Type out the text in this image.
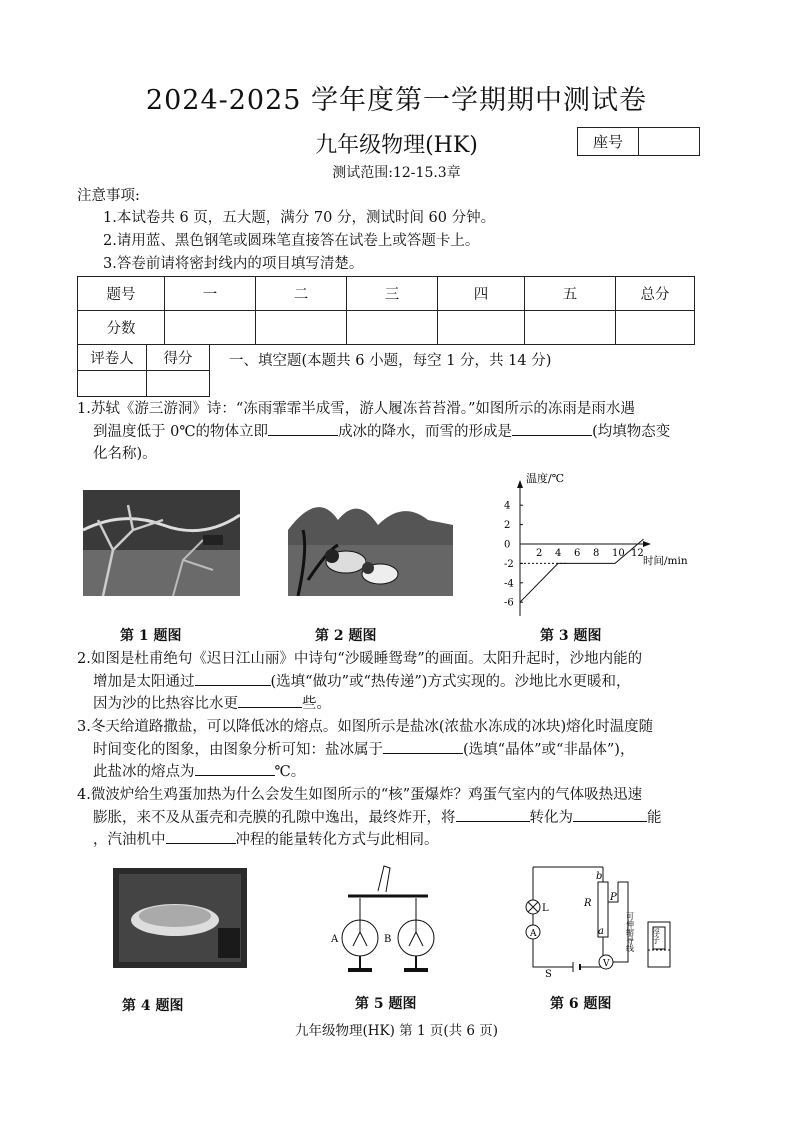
2024-2025 学年度第一学期期中测试卷
九年级物理(HK)	座号
测试范围:12-15.3章
注意事项:
1.本试卷共 6 页，五大题，满分 70 分，测试时间 60 分钟。
2.请用蓝、黑色钢笔或圆珠笔直接答在试卷上或答题卡上。
3.答卷前请将密封线内的项目填写清楚。
题号	一	二	三	四	五	总分
分数						
评卷人	得分
		一、填空题(本题共 6 小题，每空 1 分，共 14 分)
1.苏轼《游三游洞》诗：“冻雨霏霏半成雪，游人履冻苔苔滑。”如图所示的冻雨是雨水遇
到温度低于 0℃的物体立即	成冰的降水，而雪的形成是	(均填物态变
化名称)。
温度/℃
时间/min
4
2
0
-2
-4
-6
2 4 6 8 10 12
第 1 题图	第 2 题图	第 3 题图
2.如图是杜甫绝句《迟日江山丽》中诗句“沙暖睡鸳鸯”的画面。太阳升起时，沙地内能的
增加是太阳通过	(选填“做功”或“热传递”)方式实现的。沙地比水更暖和，
因为沙的比热容比水更	些。
3.冬天给道路撒盐，可以降低冰的熔点。如图所示是盐冰(浓盐水冻成的冰块)熔化时温度随
时间变化的图象，由图象分析可知：盐冰属于	(选填“晶体”或“非晶体”)，
此盐冰的熔点为	℃。
4.微波炉给生鸡蛋加热为什么会发生如图所示的“核”蛋爆炸？鸡蛋气室内的气体吸热迅速
膨胀，来不及从蛋壳和壳膜的孔隙中逸出，最终炸开，将	转化为	能
，汽油机中	冲程的能量转化方式与此相同。
A	B
b
R
P
a
L
A
V
S
可伸缩导线 浮子
第 4 题图	第 5 题图	第 6 题图
九年级物理(HK) 第 1 页(共 6 页)
